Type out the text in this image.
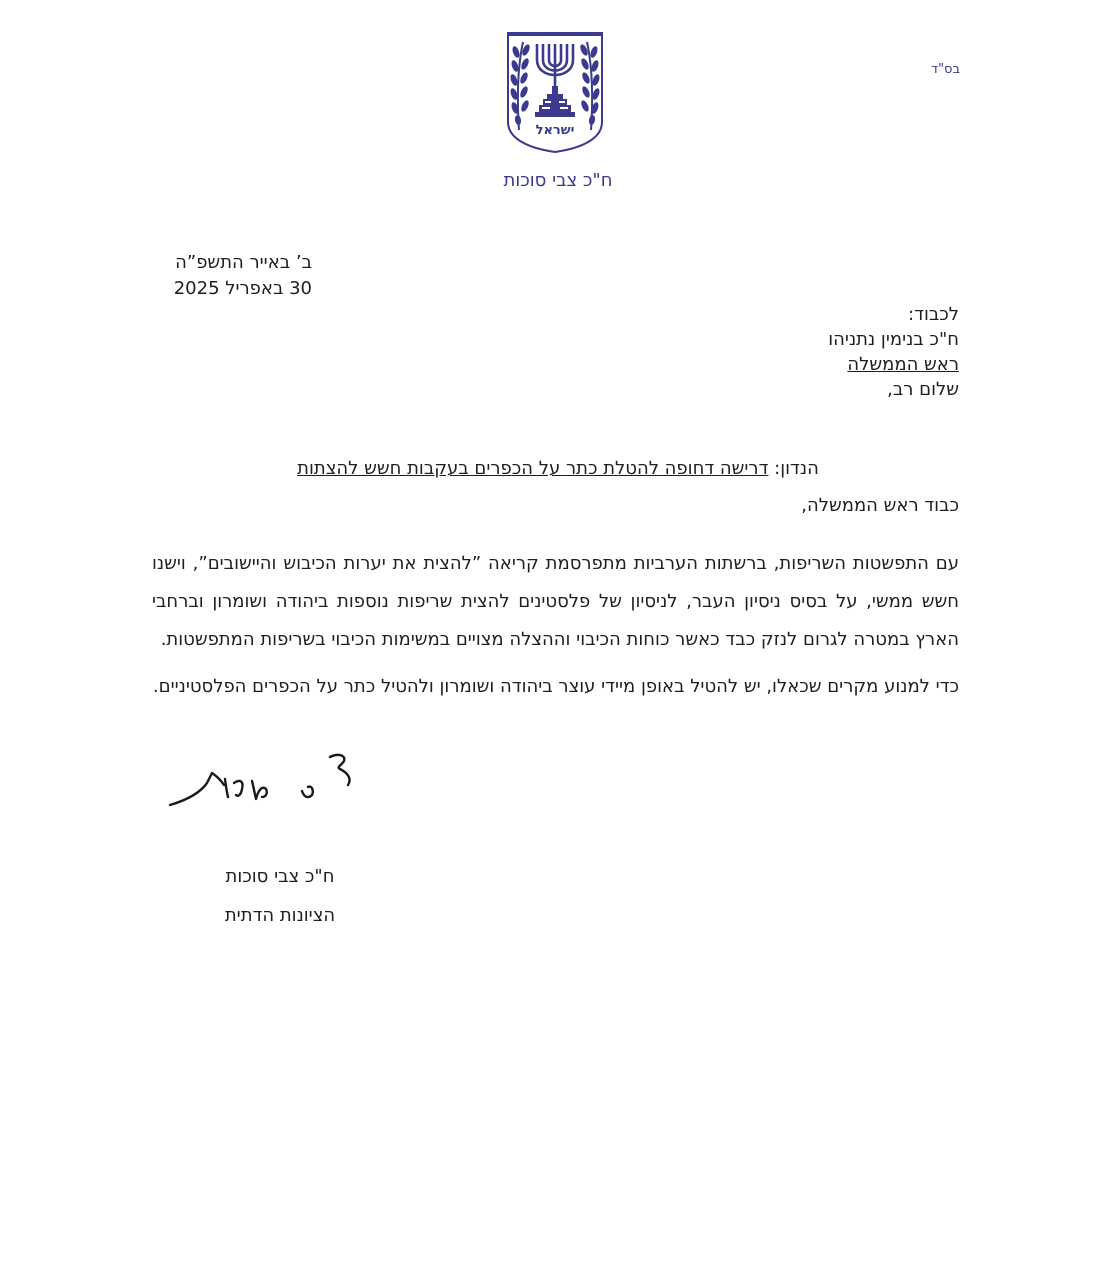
בס"ד
ישראל
ח"כ צבי סוכות
ב’ באייר התשפ”ה
30 באפריל 2025
לכבוד:
ח"כ בנימין נתניהו
ראש הממשלה
שלום רב,
הנדון: דרישה דחופה להטלת כתר על הכפרים בעקבות חשש להצתות
כבוד ראש הממשלה,
עם התפשטות השריפות, ברשתות הערביות מתפרסמת קריאה ”להצית את יערות הכיבוש והיישובים”, וישנו חשש ממשי, על בסיס ניסיון העבר, לניסיון של פלסטינים להצית שריפות נוספות ביהודה ושומרון וברחבי הארץ במטרה לגרום לנזק כבד כאשר כוחות הכיבוי וההצלה מצויים במשימות הכיבוי בשריפות המתפשטות.
כדי למנוע מקרים שכאלו, יש להטיל באופן מיידי עוצר ביהודה ושומרון ולהטיל כתר על הכפרים הפלסטיניים.
ח"כ צבי סוכות
הציונות הדתית
